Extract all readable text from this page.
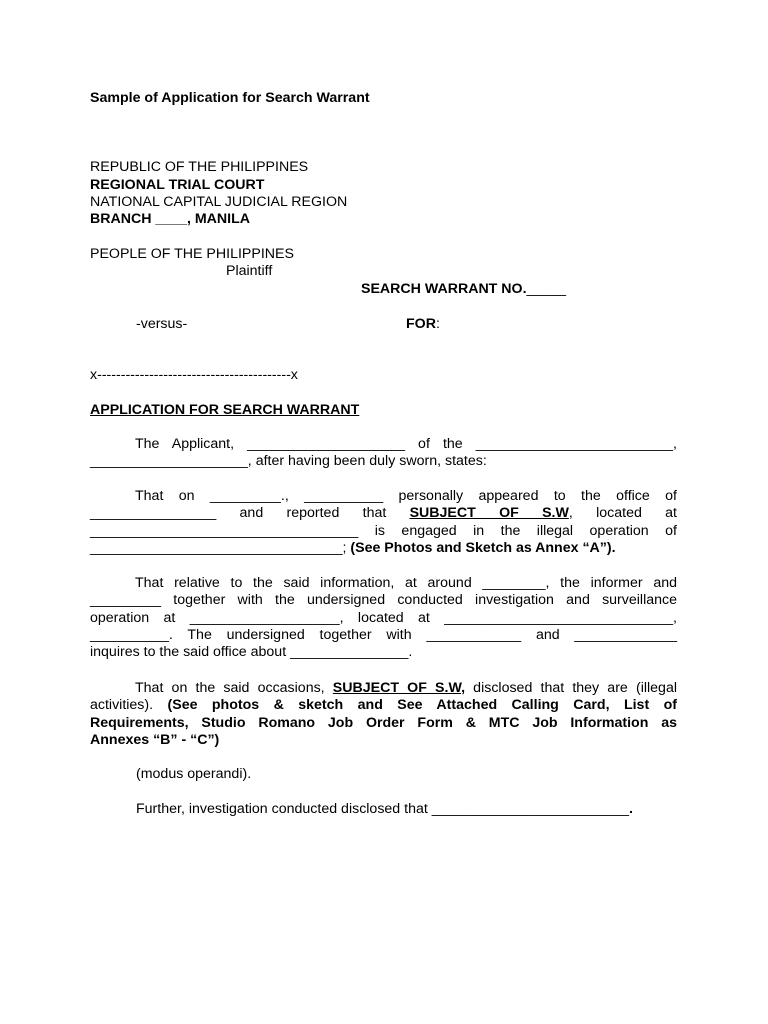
Sample of Application for Search Warrant
REPUBLIC OF THE PHILIPPINES
REGIONAL TRIAL COURT
NATIONAL CAPITAL JUDICIAL REGION
BRANCH ____, MANILA
PEOPLE OF THE PHILIPPINES
Plaintiff
SEARCH WARRANT NO._____
-versus-	FOR:
x-----------------------------------------x
APPLICATION FOR SEARCH WARRANT
The Applicant, ____________________ of the _________________________,
____________________, after having been duly sworn, states:
That on _________., __________ personally appeared to the office of
________________ and reported that SUBJECT OF S.W, located at
__________________________________ is engaged in the illegal operation of
________________________________; (See Photos and Sketch as Annex “A”).
That relative to the said information, at around ________, the informer and
_________ together with the undersigned conducted investigation and surveillance
operation at ___________________, located at _____________________________,
__________. The undersigned together with ____________ and _____________
inquires to the said office about _______________.
That on the said occasions, SUBJECT OF S.W, disclosed that they are (illegal
activities). (See photos & sketch and See Attached Calling Card, List of
Requirements, Studio Romano Job Order Form & MTC Job Information as
Annexes “B” - “C”)
(modus operandi).
Further, investigation conducted disclosed that _________________________.
